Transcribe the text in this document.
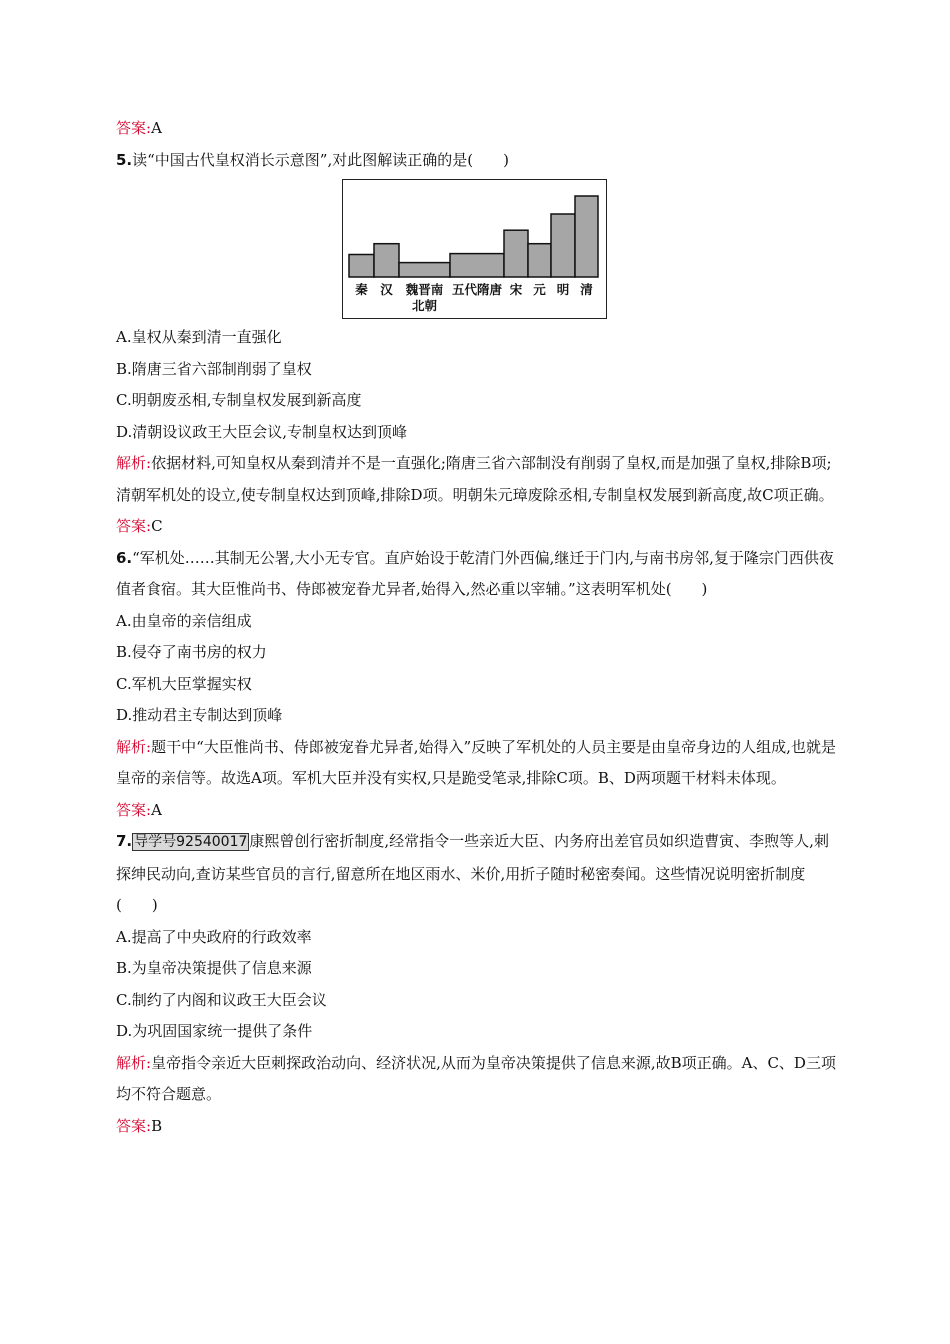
答案:A
5.读“中国古代皇权消长示意图”,对此图解读正确的是(　　)
秦 汉 魏晋南
北朝
五代隋唐 宋 元 明 清
A.皇权从秦到清一直强化
B.隋唐三省六部制削弱了皇权
C.明朝废丞相,专制皇权发展到新高度
D.清朝设议政王大臣会议,专制皇权达到顶峰
解析:依据材料,可知皇权从秦到清并不是一直强化;隋唐三省六部制没有削弱了皇权,而是加强了皇权,排除B项;清朝军机处的设立,使专制皇权达到顶峰,排除D项。明朝朱元璋废除丞相,专制皇权发展到新高度,故C项正确。
答案:C
6.“军机处……其制无公署,大小无专官。直庐始设于乾清门外西偏,继迁于门内,与南书房邻,复于隆宗门西供夜值者食宿。其大臣惟尚书、侍郎被宠眷尤异者,始得入,然必重以宰辅。”这表明军机处(　　)
A.由皇帝的亲信组成
B.侵夺了南书房的权力
C.军机大臣掌握实权
D.推动君主专制达到顶峰
解析:题干中“大臣惟尚书、侍郎被宠眷尤异者,始得入”反映了军机处的人员主要是由皇帝身边的人组成,也就是皇帝的亲信等。故选A项。军机大臣并没有实权,只是跪受笔录,排除C项。B、D两项题干材料未体现。
答案:A
7. 导学号92540017 康熙曾创行密折制度,经常指令一些亲近大臣、内务府出差官员如织造曹寅、李煦等人,刺探绅民动向,查访某些官员的言行,留意所在地区雨水、米价,用折子随时秘密奏闻。这些情况说明密折制度(　　)
A.提高了中央政府的行政效率
B.为皇帝决策提供了信息来源
C.制约了内阁和议政王大臣会议
D.为巩固国家统一提供了条件
解析:皇帝指令亲近大臣刺探政治动向、经济状况,从而为皇帝决策提供了信息来源,故B项正确。A、C、D三项均不符合题意。
答案:B
